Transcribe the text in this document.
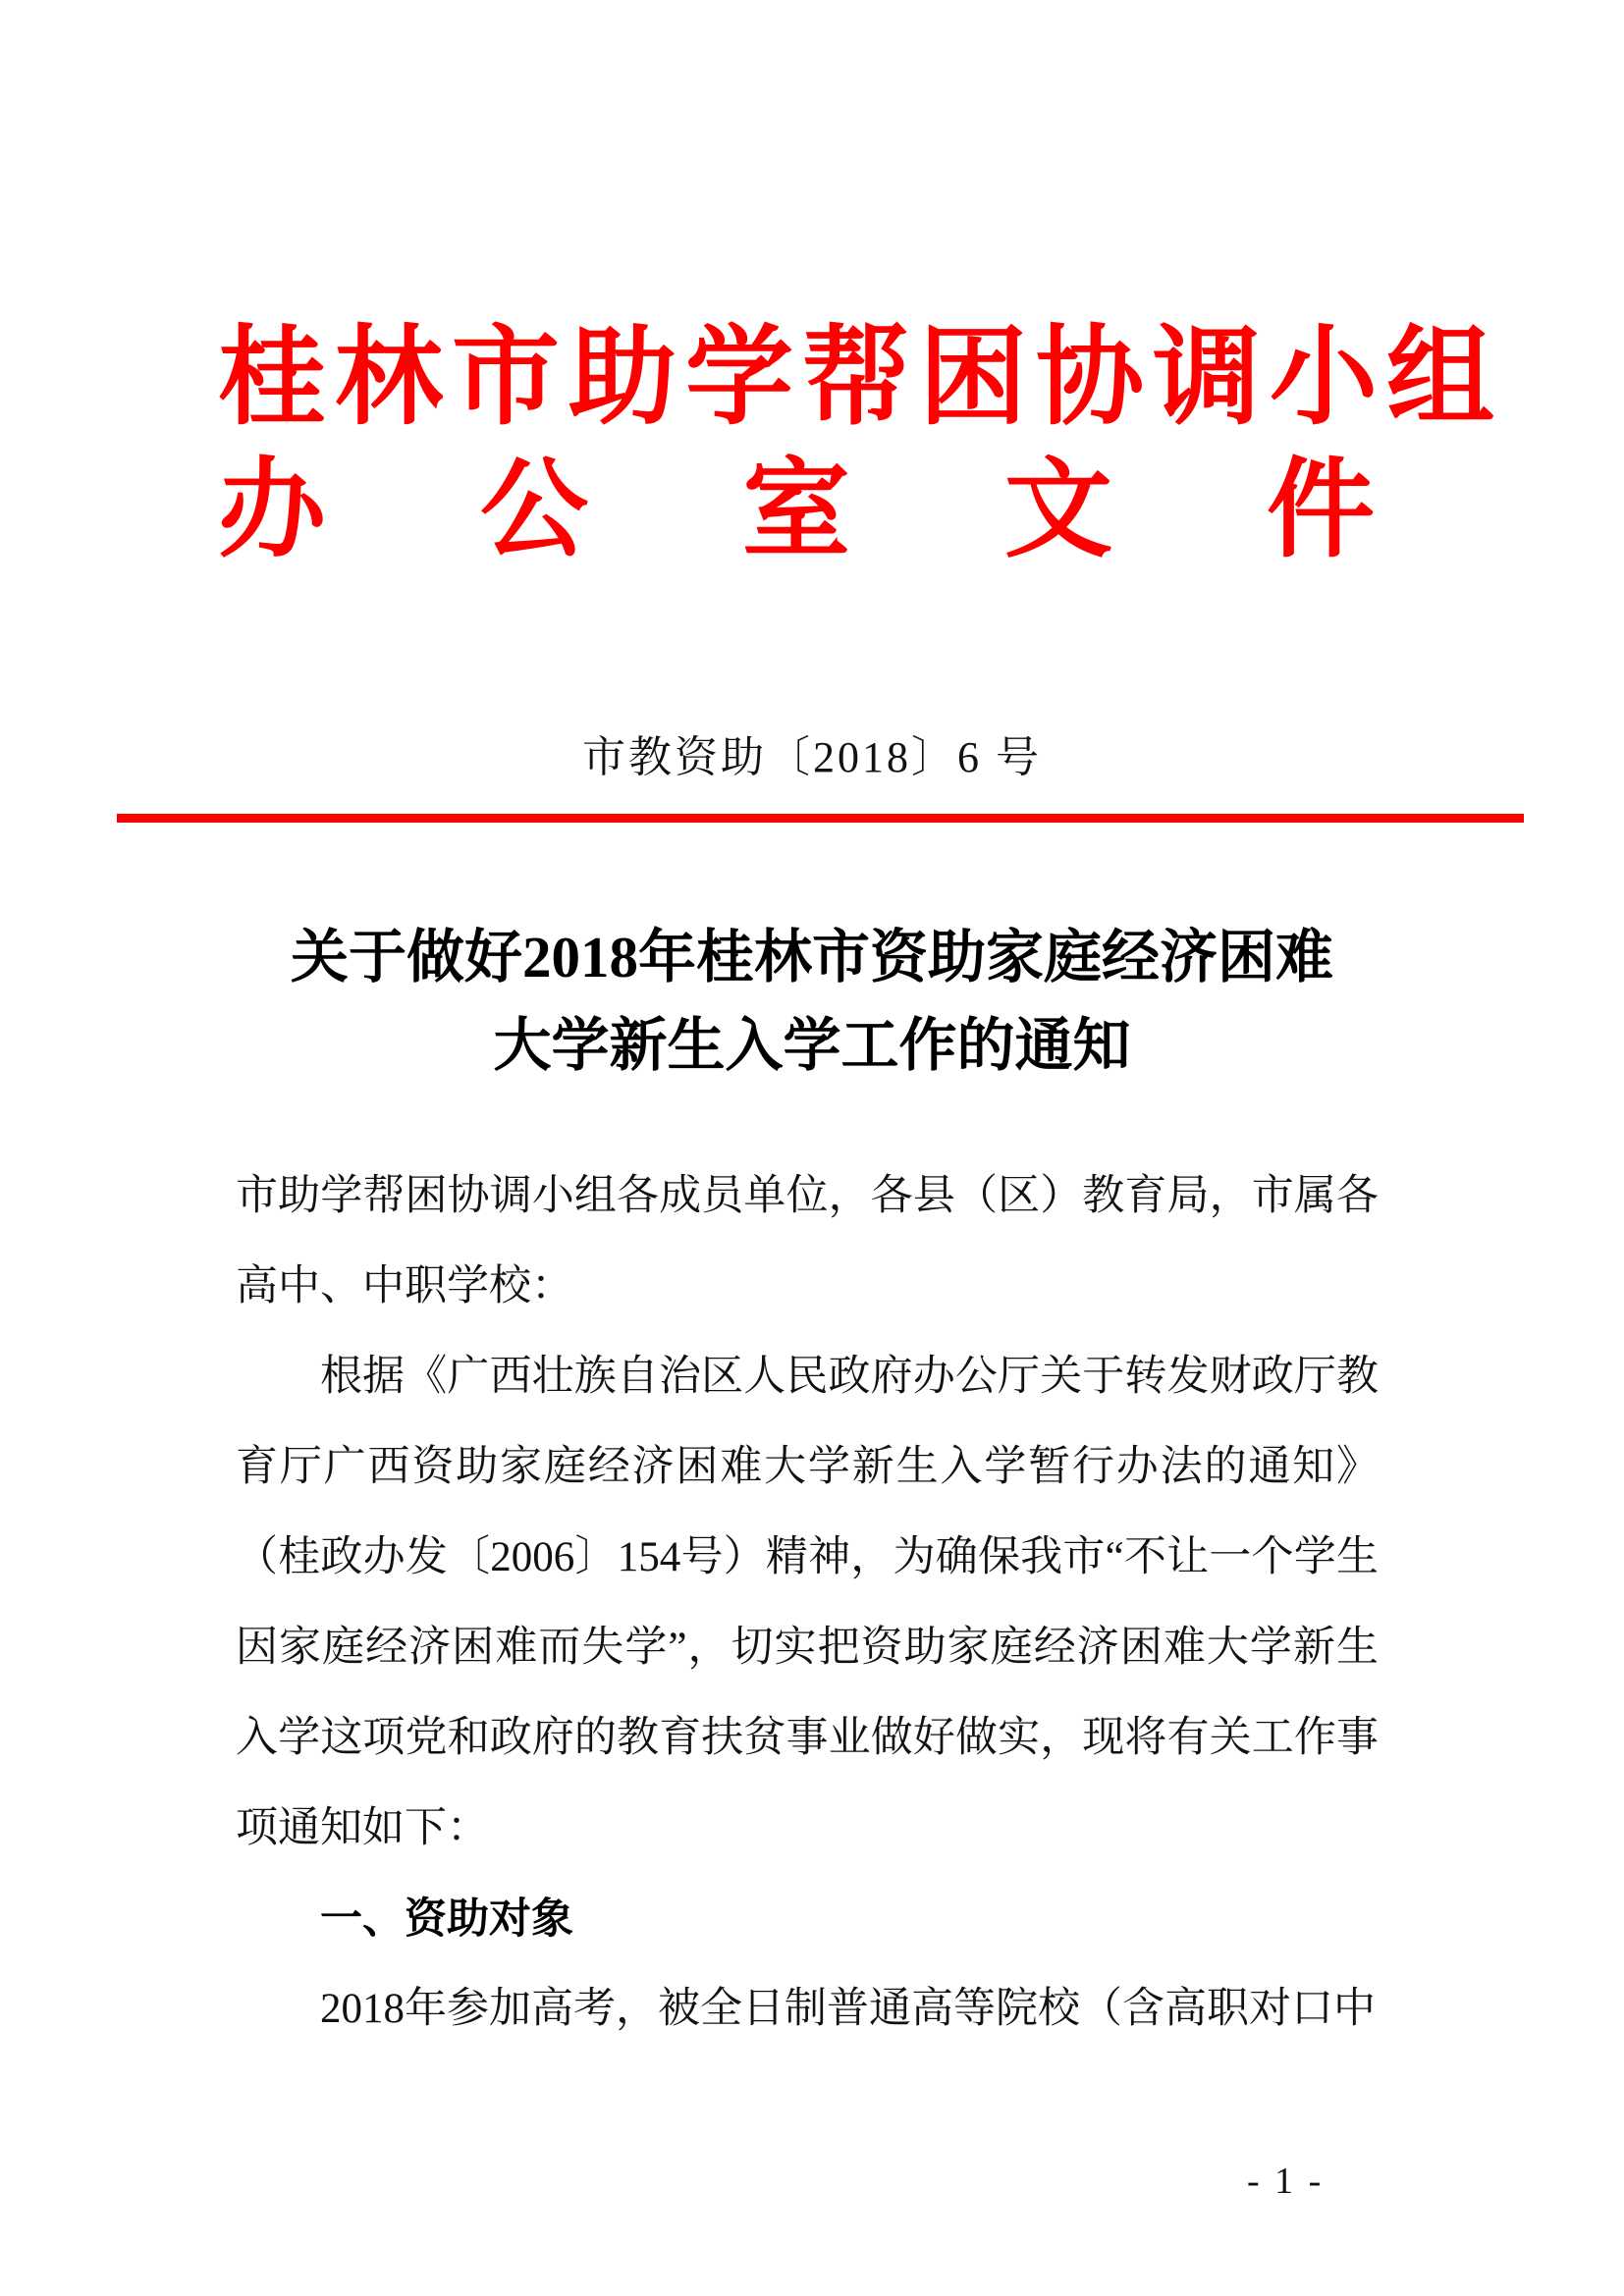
桂林市助学帮困协调小组
办公室文件
市教资助〔2018〕6 号
关于做好2018年桂林市资助家庭经济困难
大学新生入学工作的通知

市助学帮困协调小组各成员单位，各县（区）教育局，市属各高中、中职学校：

根据《广西壮族自治区人民政府办公厅关于转发财政厅教育厅广西资助家庭经济困难大学新生入学暂行办法的通知》（桂政办发〔2006〕154号）精神，为确保我市“不让一个学生因家庭经济困难而失学”，切实把资助家庭经济困难大学新生入学这项党和政府的教育扶贫事业做好做实，现将有关工作事项通知如下：

一、资助对象

2018年参加高考，被全日制普通高等院校（含高职对口中

- 1 -
